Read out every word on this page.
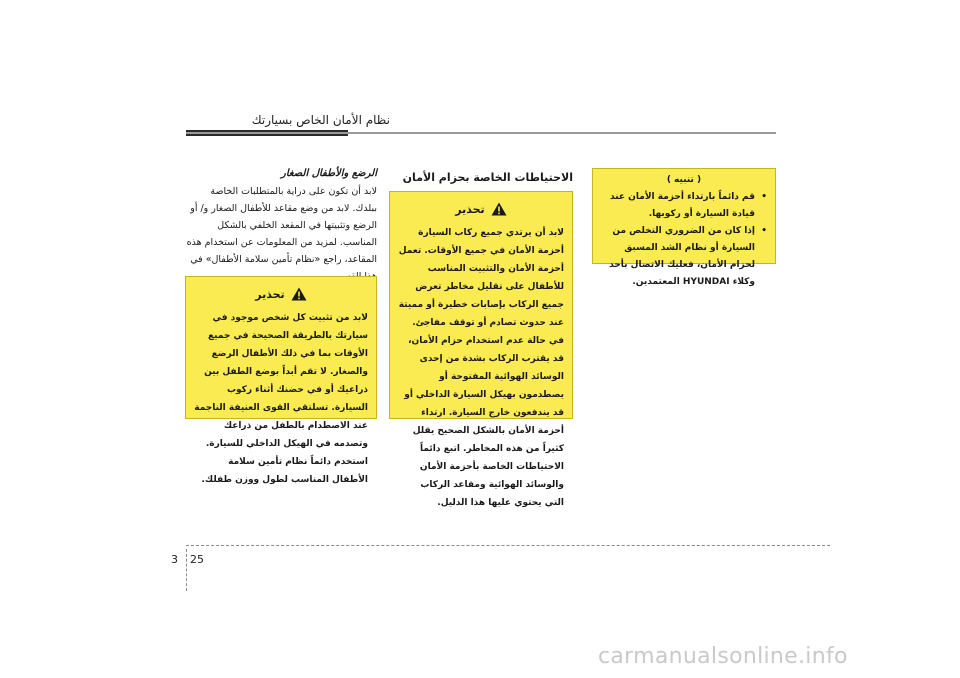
نظام الأمان الخاص بسيارتك
الرضع والأطفال الصغار

لابد أن تكون على دراية بالمتطلبات الخاصة ببلدك. لابد من وضع مقاعد للأطفال الصغار و/ أو الرضع وتثبيتها في المقعد الخلفي بالشكل المناسب. لمزيد من المعلومات عن استخدام هذه المقاعد، راجع «نظام تأمين سلامة الأطفال» في

تحذير

لابد من تثبيت كل شخص موجود في سيارتك بالطريقة الصحيحة في جميع الأوقات بما في ذلك الأطفال الرضع والصغار. لا تقم أبداً بوضع الطفل بين ذراعيك أو في حضنك أثناء ركوب السيارة. تسلتقي القوى العنيفة الناجمة عند الاصطدام بالطفل من ذراعك وتصدمه في الهيكل الداخلي للسيارة. استخدم دائماً نظام تأمين سلامة الأطفال المناسب لطول ووزن طفلك.

الاحتياطات الخاصة بحزام الأمان
تحذير

لابد أن يرتدي جميع ركاب السيارة أحزمة الأمان في جميع الأوقات. تعمل أحزمة الأمان والتثبيت المناسب للأطفال على تقليل مخاطر تعرض جميع الركاب بإصابات خطيرة أو مميتة عند حدوث تصادم أو توقف مفاجئ. في حالة عدم استخدام حزام الأمان، قد يقترب الركاب بشدة من إحدى الوسائد الهوائية المفتوحة أو يصطدمون بهيكل السيارة الداخلي أو قد يندفعون خارج السيارة. ارتداء أحزمة الأمان بالشكل الصحيح يقلل كثيراً من هذه المخاطر. اتبع دائماً الاحتياطات الخاصة بأحزمة الأمان والوسائد الهوائية ومقاعد الركاب التي يحتوي عليها هذا الدليل.

( تنبيه )
• قم دائماً بارتداء أحزمة الأمان عند قيادة السيارة أو ركوبها.
• إذا كان من الضروري التخلص من السيارة أو نظام الشد المسبق لحزام الأمان، فعليك الاتصال بأحد وكلاء HYUNDAI المعتمدين.
3 25
carmanualsonline.info
